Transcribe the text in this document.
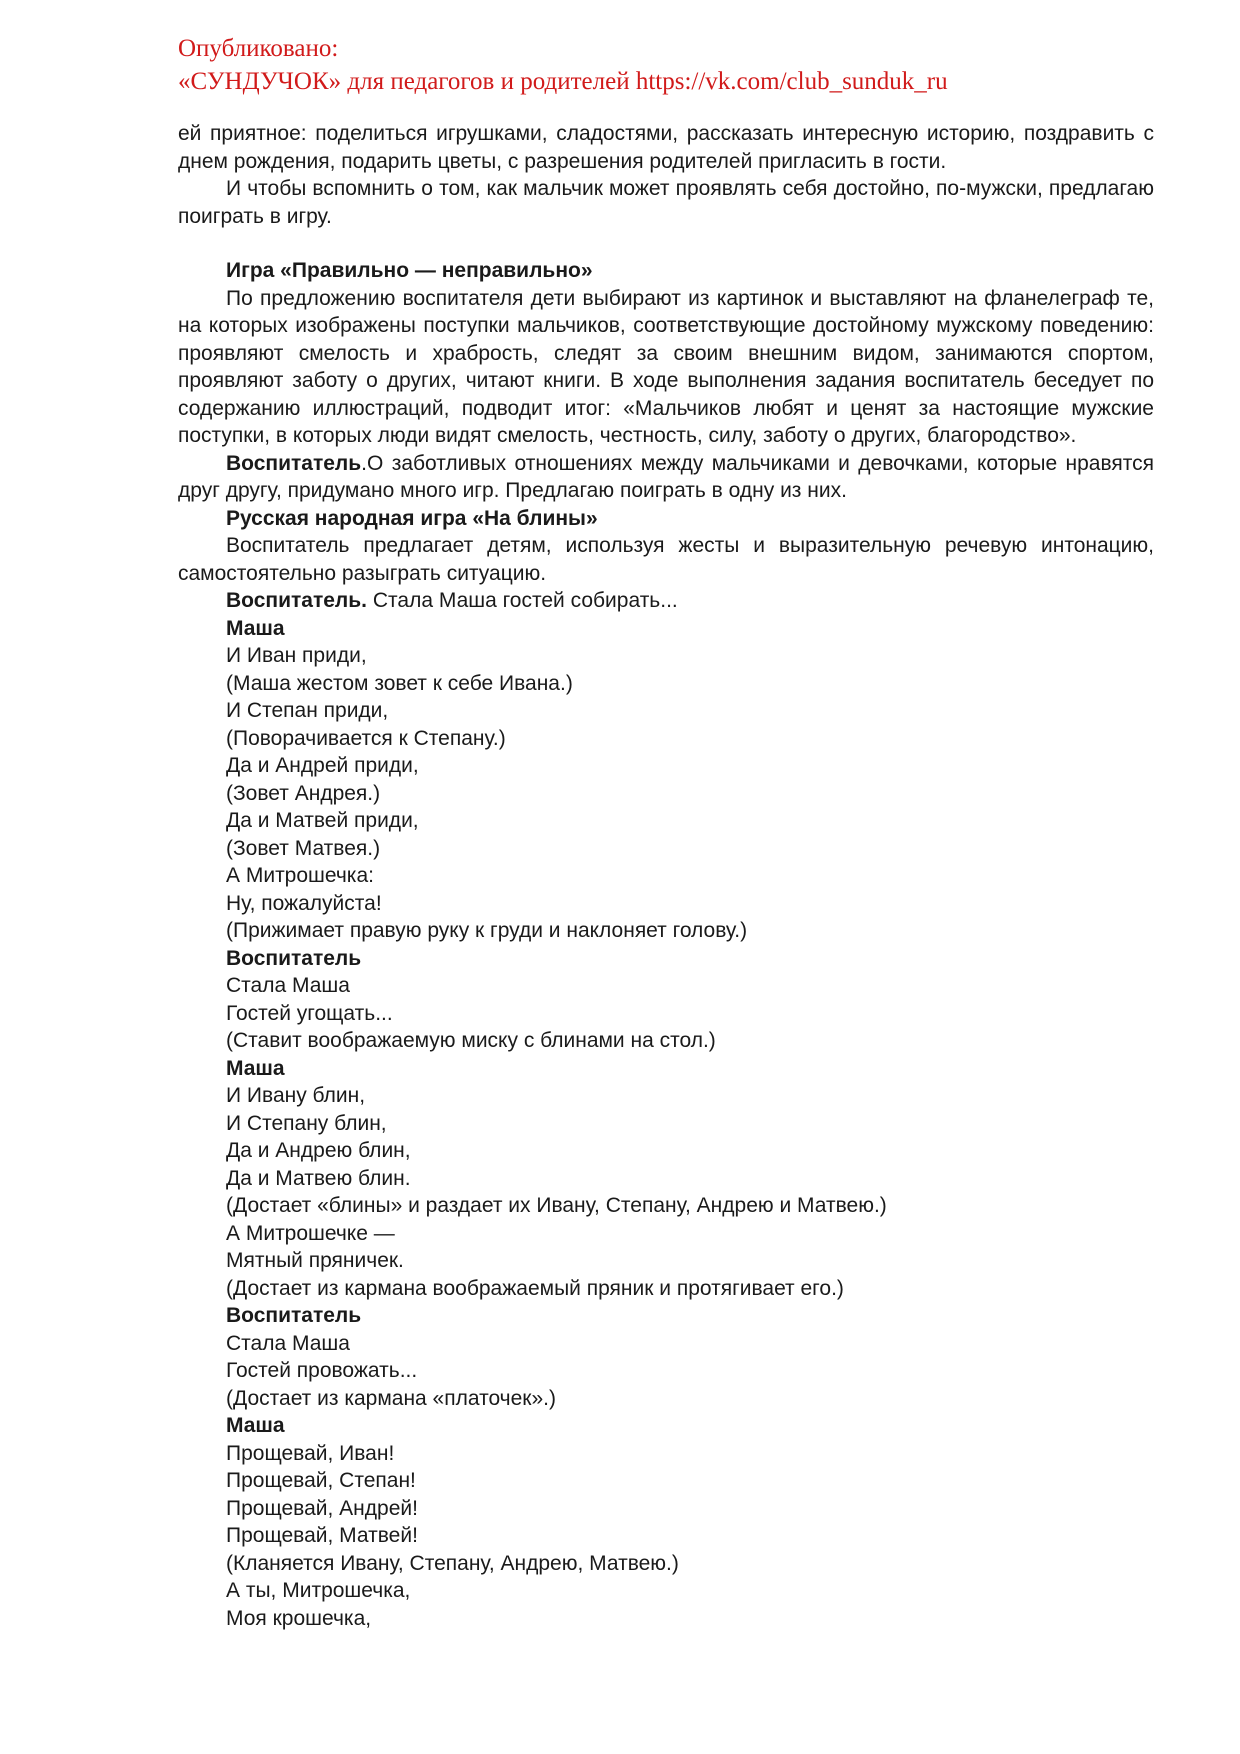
Опубликовано:
«СУНДУЧОК» для педагогов и родителей https://vk.com/club_sunduk_ru

ей приятное: поделиться игрушками, сладостями, рассказать интересную историю, поздравить с днем рождения, подарить цветы, с разрешения родителей пригласить в гости.

И чтобы вспомнить о том, как мальчик может проявлять себя достойно, по-мужски, предлагаю поиграть в игру.

Игра «Правильно — неправильно»

По предложению воспитателя дети выбирают из картинок и выставляют на фланелеграф те, на которых изображены поступки мальчиков, соответствующие достойному мужскому поведению: проявляют смелость и храбрость, следят за своим внешним видом, занимаются спортом, проявляют заботу о других, читают книги. В ходе выполнения задания воспитатель беседует по содержанию иллюстраций, подводит итог: «Мальчиков любят и ценят за настоящие мужские поступки, в которых люди видят смелость, честность, силу, заботу о других, благородство».

Воспитатель.О заботливых отношениях между мальчиками и девочками, которые нравятся друг другу, придумано много игр. Предлагаю поиграть в одну из них.

Русская народная игра «На блины»

Воспитатель предлагает детям, используя жесты и выразительную речевую интонацию, самостоятельно разыграть ситуацию.

Воспитатель. Стала Маша гостей собирать...

Маша

И Иван приди,

(Маша жестом зовет к себе Ивана.)

И Степан приди,

(Поворачивается к Степану.)

Да и Андрей приди,

(Зовет Андрея.)

Да и Матвей приди,

(Зовет Матвея.)

А Митрошечка:

Ну, пожалуйста!

(Прижимает правую руку к груди и наклоняет голову.)

Воспитатель

Стала Маша

Гостей угощать...

(Ставит воображаемую миску с блинами на стол.)

Маша

И Ивану блин,

И Степану блин,

Да и Андрею блин,

Да и Матвею блин.

(Достает «блины» и раздает их Ивану, Степану, Андрею и Матвею.)

А Митрошечке —

Мятный пряничек.

(Достает из кармана воображаемый пряник и протягивает его.)

Воспитатель

Стала Маша

Гостей провожать...

(Достает из кармана «платочек».)

Маша

Прощевай, Иван!

Прощевай, Степан!

Прощевай, Андрей!

Прощевай, Матвей!

(Кланяется Ивану, Степану, Андрею, Матвею.)

А ты, Митрошечка,

Моя крошечка,
